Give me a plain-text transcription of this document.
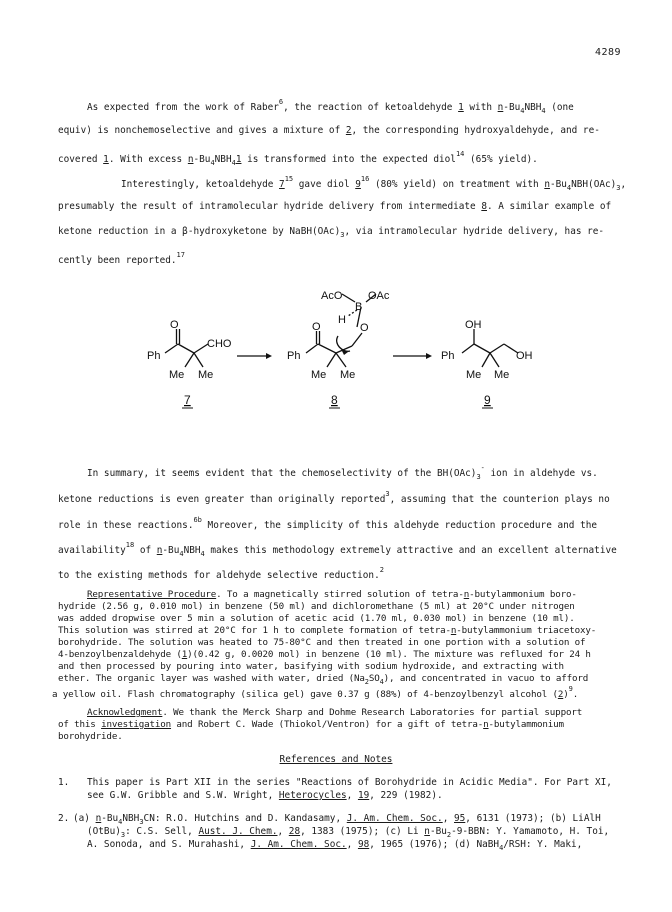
4289
As expected from the work of Raber$^6$, the reaction of ketoaldehyde 1 with $n-Bu_4NBH_4$ (one
equiv) is nonchemoselective and gives a mixture of 2, the corresponding hydroxyaldehyde, and re-
covered 1. With excess $n-Bu_4NBH_41$ is transformed into the expected diol$^{14}$ (65% yield).
Interestingly, ketoaldehyde $7^{15}$ gave diol $9^{16}$ (80% yield) on treatment with $n-Bu_4NBH(OAc)_3$,
presumably the result of intramolecular hydride delivery from intermediate 8. A similar example of
ketone reduction in a β-hydroxyketone by $NaBH(OAc)_3$, via intramolecular hydride delivery, has re-
cently been reported.$^{17}$
O
Ph
CHO
Me Me
AcO OAc
B
H
O	O
Ph
Me Me
OH
Ph	OH
Me Me
7	8	9
In summary, it seems evident that the chemoselectivity of the $BH(OAc)_3^-$ ion in aldehyde vs.
ketone reductions is even greater than originally reported$^3$, assuming that the counterion plays no
role in these reactions.$^{6b}$ Moreover, the simplicity of this aldehyde reduction procedure and the
availability$^{18}$ of $n-Bu_4NBH_4$ makes this methodology extremely attractive and an excellent alternative
to the existing methods for aldehyde selective reduction.$^2$
Representative Procedure. To a magnetically stirred solution of tetra-n-butylammonium boro-
hydride (2.56 g, 0.010 mol) in benzene (50 ml) and dichloromethane (5 ml) at 20°C under nitrogen
was added dropwise over 5 min a solution of acetic acid (1.70 ml, 0.030 mol) in benzene (10 ml).
This solution was stirred at 20°C for 1 h to complete formation of tetra-n-butylammonium triacetoxy-
borohydride. The solution was heated to 75-80°C and then treated in one portion with a solution of
4-benzoylbenzaldehyde (1)(0.42 g, 0.0020 mol) in benzene (10 ml). The mixture was refluxed for 24 h
and then processed by pouring into water, basifying with sodium hydroxide, and extracting with
ether. The organic layer was washed with water, dried $(Na_2SO_4)$, and concentrated in vacuo to afford
a yellow oil. Flash chromatography (silica gel) gave 0.37 g (88%) of 4-benzoylbenzyl alcohol $(2)^9$.
Acknowledgment. We thank the Merck Sharp and Dohme Research Laboratories for partial support
of this investigation and Robert C. Wade (Thiokol/Ventron) for a gift of tetra-n-butylammonium
borohydride.
References and Notes
1. This paper is Part XII in the series "Reactions of Borohydride in Acidic Media". For Part XI,
see G.W. Gribble and S.W. Wright, Heterocycles, 19, 229 (1982).
2. (a) $n-Bu_4NBH_3CN$: R.O. Hutchins and D. Kandasamy, J. Am. Chem. Soc., 95, 6131 (1973); (b) LiAlH
$(OtBu)_3$: C.S. Sell, Aust. J. Chem., 28, 1383 (1975); (c) Li $n-Bu_2-9$-BBN: Y. Yamamoto, H. Toi,
A. Sonoda, and S. Murahashi, J. Am. Chem. Soc., 98, 1965 (1976); (d) NaBH$_4$/RSH: Y. Maki,
